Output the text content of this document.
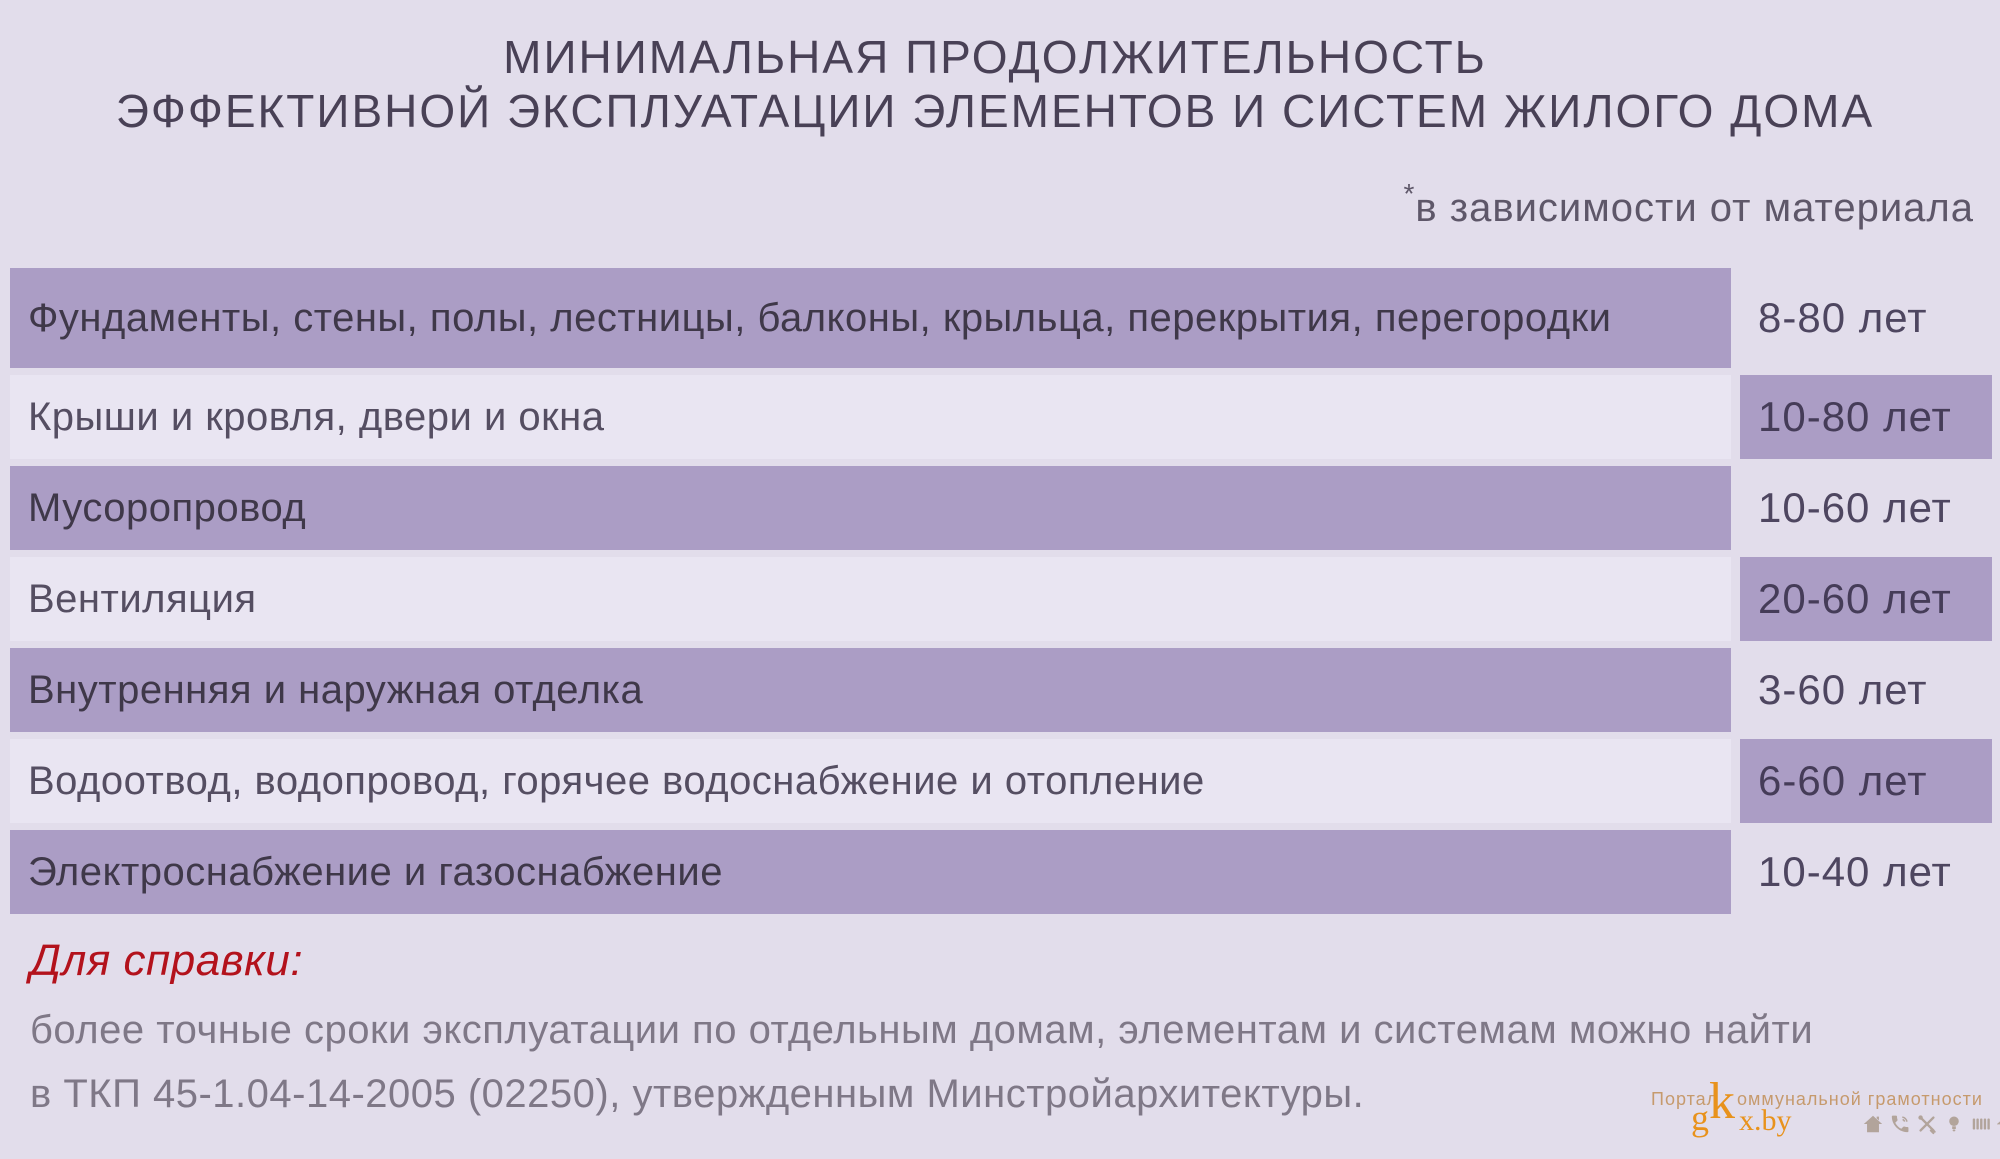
МИНИМАЛЬНАЯ ПРОДОЛЖИТЕЛЬНОСТЬ
ЭФФЕКТИВНОЙ ЭКСПЛУАТАЦИИ ЭЛЕМЕНТОВ И СИСТЕМ ЖИЛОГО ДОМА
*в зависимости от материала
Фундаменты, стены, полы, лестницы, балконы, крыльца, перекрытия, перегородки	8-80 лет
Крыши и кровля, двери и окна	10-80 лет
Мусоропровод	10-60 лет
Вентиляция	20-60 лет
Внутренняя и наружная отделка	3-60 лет
Водоотвод, водопровод, горячее водоснабжение и отопление	6-60 лет
Электроснабжение и газоснабжение	10-40 лет
Для справки:
более точные сроки эксплуатации по отдельным домам, элементам и системам можно найти
в ТКП 45-1.04-14-2005 (02250), утвержденным Минстройархитектуры.	Портал
k оммунальной грамотности
g x.by
